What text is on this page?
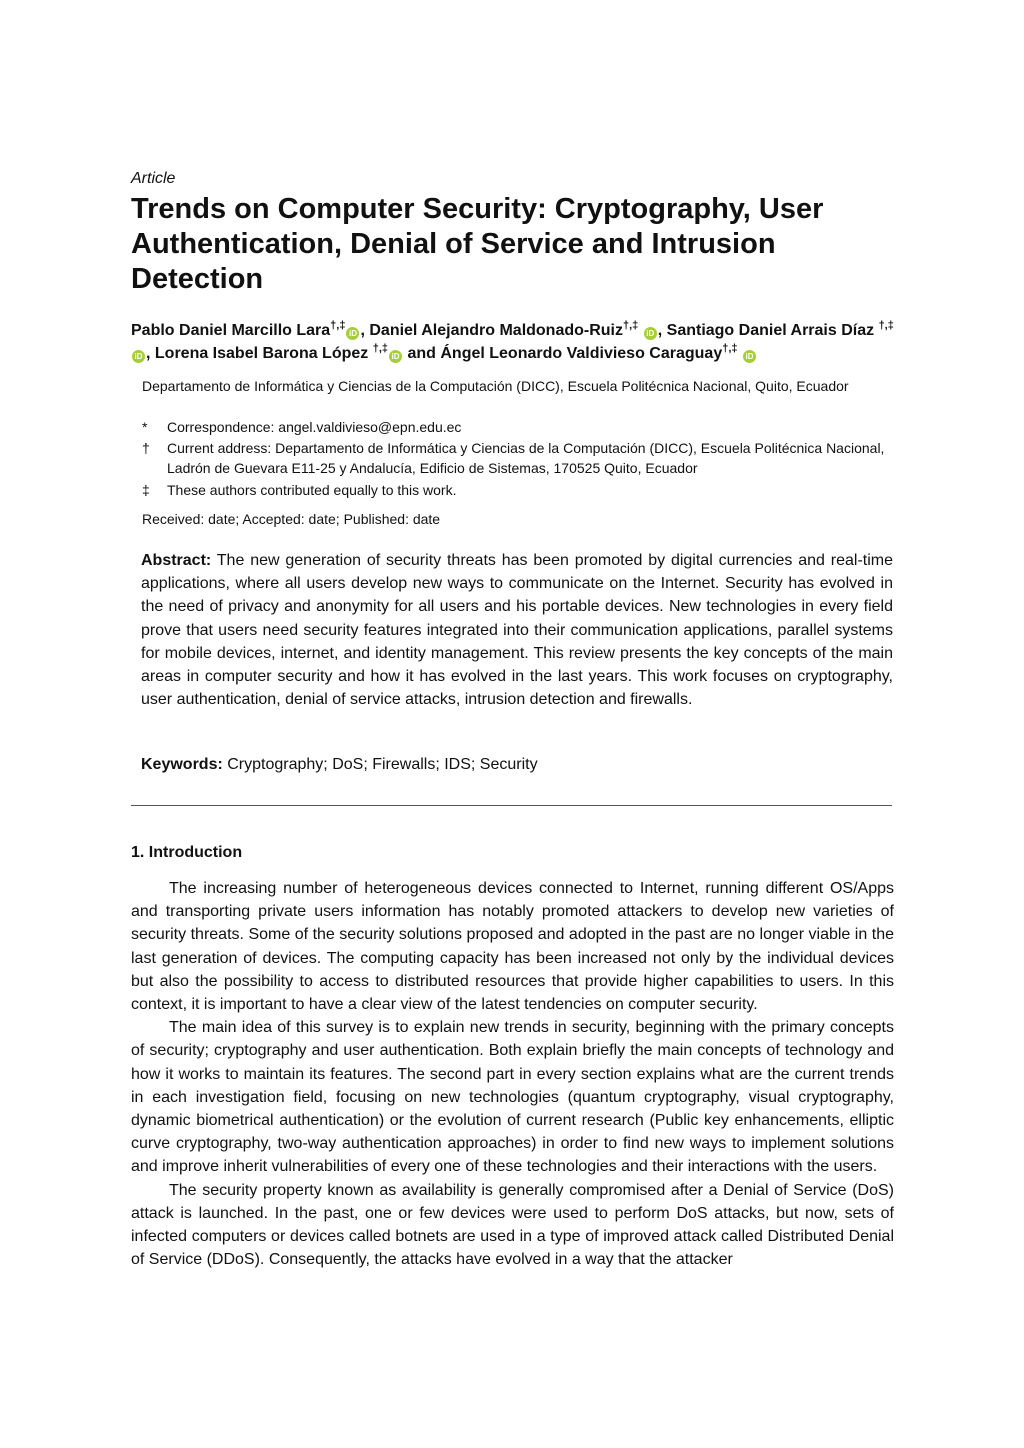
Article
Trends on Computer Security: Cryptography, User Authentication, Denial of Service and Intrusion Detection
Pablo Daniel Marcillo Lara†,‡iD , Daniel Alejandro Maldonado-Ruiz†,‡ iD , Santiago Daniel Arrais Díaz †,‡iD , Lorena Isabel Barona López †,‡iD and Ángel Leonardo Valdivieso Caraguay†,‡ iD
Departamento de Informática y Ciencias de la Computación (DICC), Escuela Politécnica Nacional, Quito, Ecuador
*	Correspondence: angel.valdivieso@epn.edu.ec
†	Current address: Departamento de Informática y Ciencias de la Computación (DICC), Escuela Politécnica Nacional, Ladrón de Guevara E11-25 y Andalucía, Edificio de Sistemas, 170525 Quito, Ecuador
‡	These authors contributed equally to this work.
Received: date; Accepted: date; Published: date

Abstract: The new generation of security threats has been promoted by digital currencies and real-time applications, where all users develop new ways to communicate on the Internet. Security has evolved in the need of privacy and anonymity for all users and his portable devices. New technologies in every field prove that users need security features integrated into their communication applications, parallel systems for mobile devices, internet, and identity management. This review presents the key concepts of the main areas in computer security and how it has evolved in the last years. This work focuses on cryptography, user authentication, denial of service attacks, intrusion detection and firewalls.

Keywords: Cryptography; DoS; Firewalls; IDS; Security
1. Introduction

The increasing number of heterogeneous devices connected to Internet, running different OS/Apps and transporting private users information has notably promoted attackers to develop new varieties of security threats. Some of the security solutions proposed and adopted in the past are no longer viable in the last generation of devices. The computing capacity has been increased not only by the individual devices but also the possibility to access to distributed resources that provide higher capabilities to users. In this context, it is important to have a clear view of the latest tendencies on computer security.

The main idea of this survey is to explain new trends in security, beginning with the primary concepts of security; cryptography and user authentication. Both explain briefly the main concepts of technology and how it works to maintain its features. The second part in every section explains what are the current trends in each investigation field, focusing on new technologies (quantum cryptography, visual cryptography, dynamic biometrical authentication) or the evolution of current research (Public key enhancements, elliptic curve cryptography, two-way authentication approaches) in order to find new ways to implement solutions and improve inherit vulnerabilities of every one of these technologies and their interactions with the users.

The security property known as availability is generally compromised after a Denial of Service (DoS) attack is launched. In the past, one or few devices were used to perform DoS attacks, but now, sets of infected computers or devices called botnets are used in a type of improved attack called Distributed Denial of Service (DDoS). Consequently, the attacks have evolved in a way that the attacker
